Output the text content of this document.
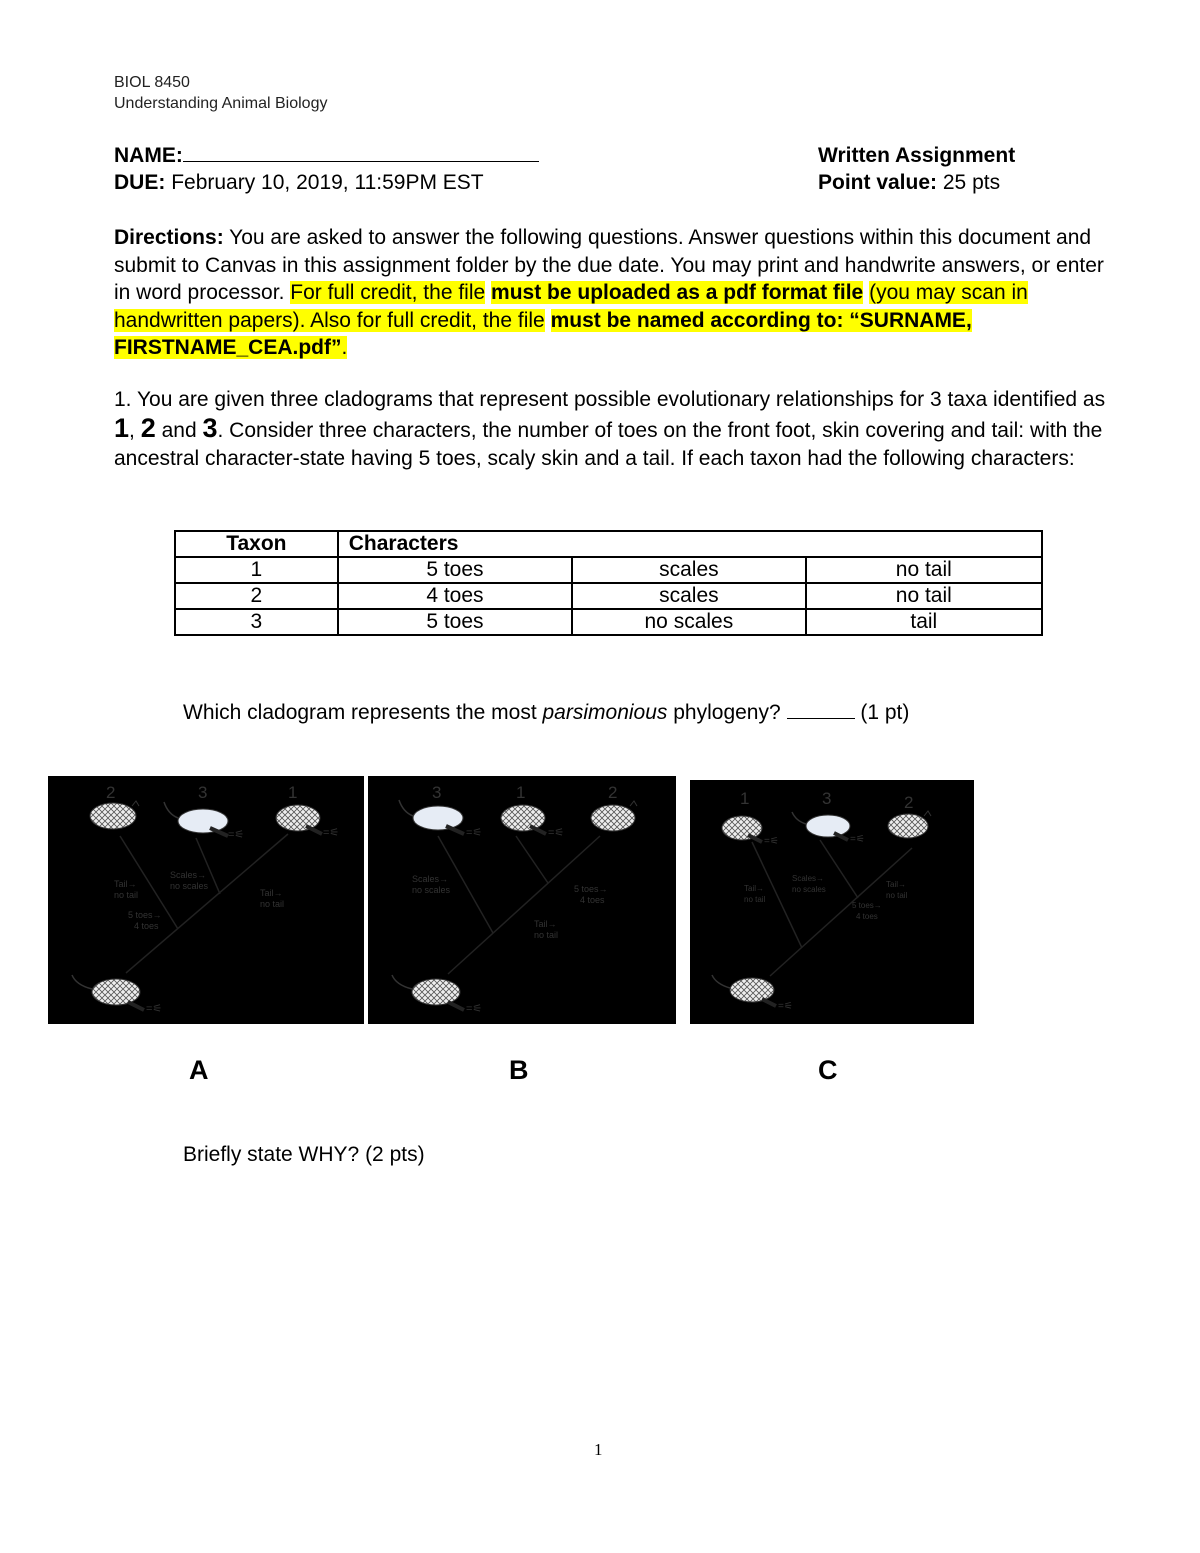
BIOL 8450
Understanding Animal Biology
NAME:
DUE: February 10, 2019, 11:59PM EST
Written Assignment
Point value: 25 pts
Directions: You are asked to answer the following questions. Answer questions within this document and submit to Canvas in this assignment folder by the due date. You may print and handwrite answers, or enter in word processor. For full credit, the file must be uploaded as a pdf format file (you may scan in handwritten papers). Also for full credit, the file must be named according to: “SURNAME, FIRSTNAME_CEA.pdf”.
1. You are given three cladograms that represent possible evolutionary relationships for 3 taxa identified as 1, 2 and 3. Consider three characters, the number of toes on the front foot, skin covering and tail: with the ancestral character-state having 5 toes, scaly skin and a tail. If each taxon had the following characters:
Taxon	Characters		
1	5 toes	scales	no tail
2	4 toes	scales	no tail
3	5 toes	no scales	tail
Which cladogram represents the most parsimonious phylogeny?	(1 pt)
2	3	1
=⚟	=⚟
Tail→
no tail
Scales→
no scales
Tail→
no tail
5 toes→
4 toes
=⚟
3	1	2
=⚟	=⚟
Scales→
no scales	5 toes→
4 toes
Tail→
no tail
=⚟
1	3	2
=⚟	=⚟
Tail→
no tail
Scales→
no scales
Tail→
no tail
5 toes→
4 toes
=⚟
A	B	C
Briefly state WHY? (2 pts)
1
